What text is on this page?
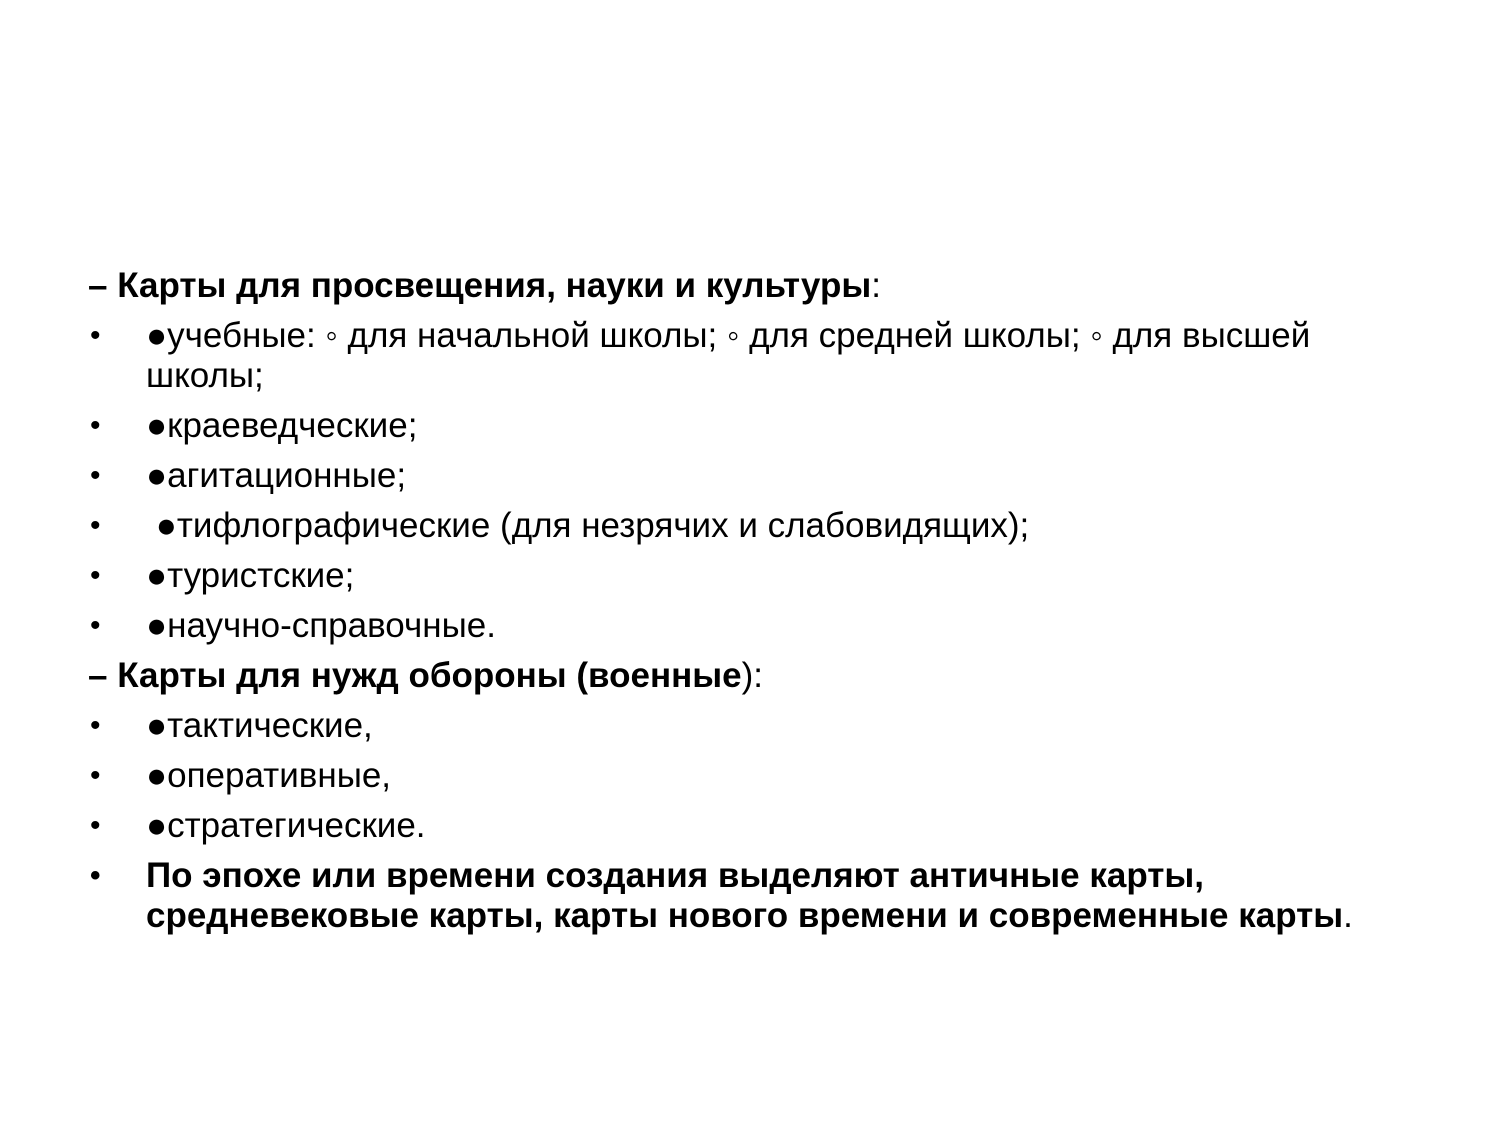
– Карты для просвещения, науки и культуры:
• ●учебные: ◦ для начальной школы; ◦ для средней школы; ◦ для высшей школы;
• ●краеведческие;
• ●агитационные;
• ●тифлографические (для незрячих и слабовидящих);
• ●туристские;
• ●научно-справочные.
– Карты для нужд обороны (военные):
• ●тактические,
• ●оперативные,
• ●стратегические.
• По эпохе или времени создания выделяют античные карты, средневековые карты, карты нового времени и современные карты.
